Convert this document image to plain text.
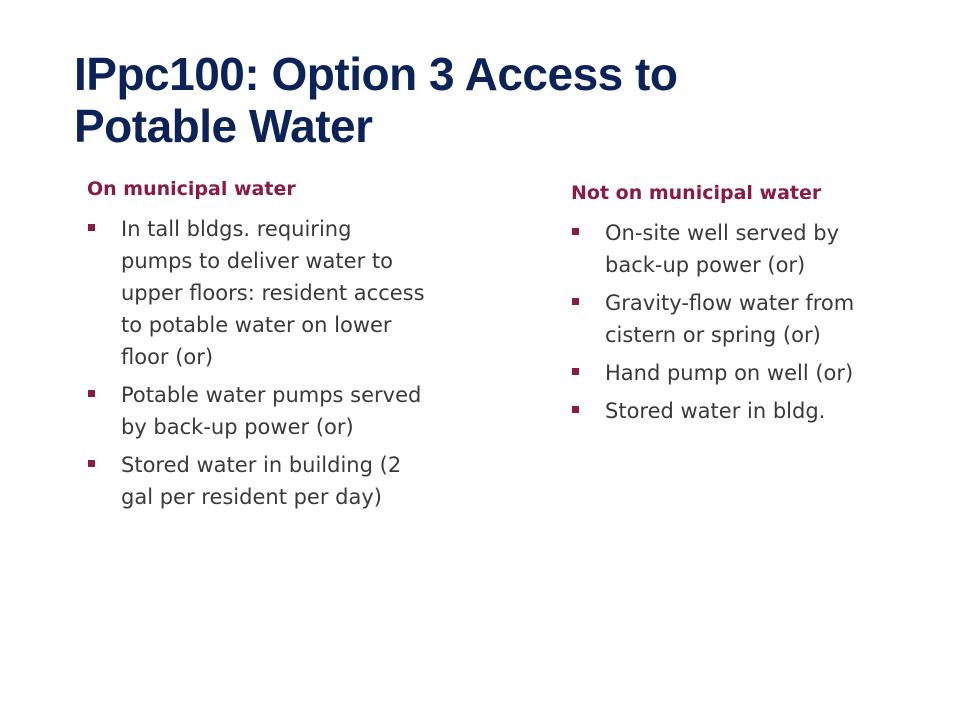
IPpc100: Option 3 Access to
Potable Water
On municipal water
In tall bldgs. requiring pumps to deliver water to upper floors: resident access to potable water on lower floor (or)
Potable water pumps served by back-up power (or)
Stored water in building (2 gal per resident per day)
Not on municipal water
On-site well served by back-up power (or)
Gravity-flow water from cistern or spring (or)
Hand pump on well (or)
Stored water in bldg.
